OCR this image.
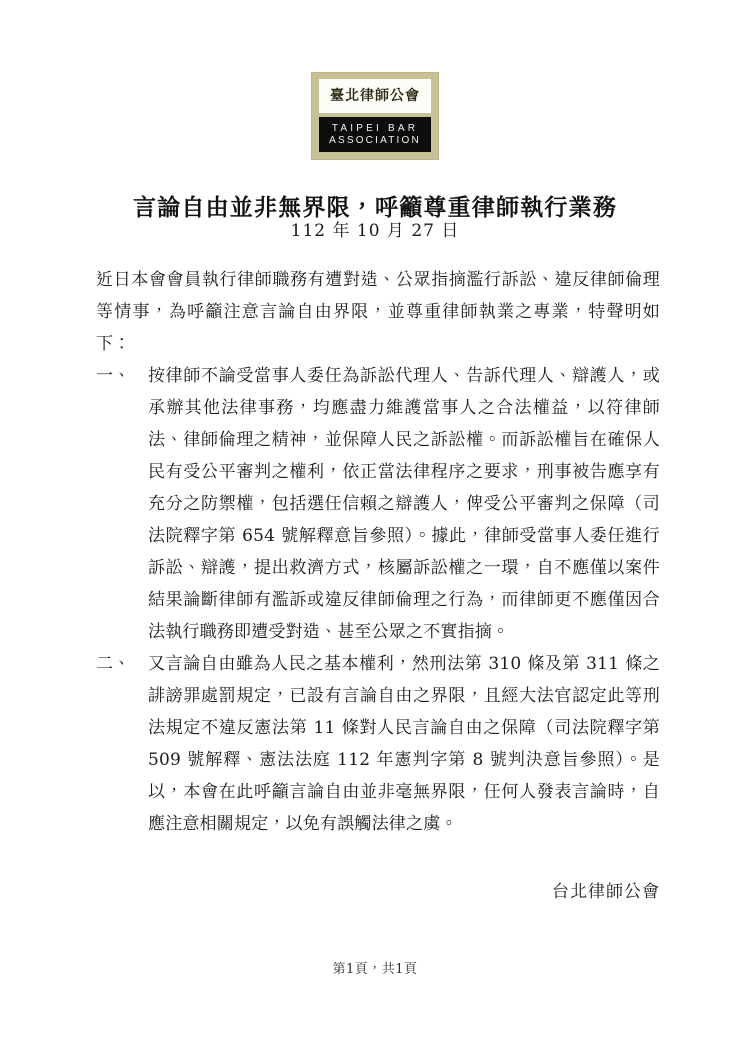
臺北律師公會
TAIPEI BAR
ASSOCIATION
言論自由並非無界限，呼籲尊重律師執行業務
112 年 10 月 27 日

近日本會會員執行律師職務有遭對造、公眾指摘濫行訴訟、違反律師倫理等情事，為呼籲注意言論自由界限，並尊重律師執業之專業，特聲明如下：

一、	按律師不論受當事人委任為訴訟代理人、告訴代理人、辯護人，或承辦其他法律事務，均應盡力維護當事人之合法權益，以符律師法、律師倫理之精神，並保障人民之訴訟權。而訴訟權旨在確保人民有受公平審判之權利，依正當法律程序之要求，刑事被告應享有充分之防禦權，包括選任信賴之辯護人，俾受公平審判之保障（司法院釋字第 654 號解釋意旨參照）。據此，律師受當事人委任進行訴訟、辯護，提出救濟方式，核屬訴訟權之一環，自不應僅以案件結果論斷律師有濫訴或違反律師倫理之行為，而律師更不應僅因合法執行職務即遭受對造、甚至公眾之不實指摘。
二、	又言論自由雖為人民之基本權利，然刑法第 310 條及第 311 條之誹謗罪處罰規定，已設有言論自由之界限，且經大法官認定此等刑法規定不違反憲法第 11 條對人民言論自由之保障（司法院釋字第 509 號解釋、憲法法庭 112 年憲判字第 8 號判決意旨參照）。是以，本會在此呼籲言論自由並非毫無界限，任何人發表言論時，自應注意相關規定，以免有誤觸法律之虞。
台北律師公會
第1頁，共1頁
